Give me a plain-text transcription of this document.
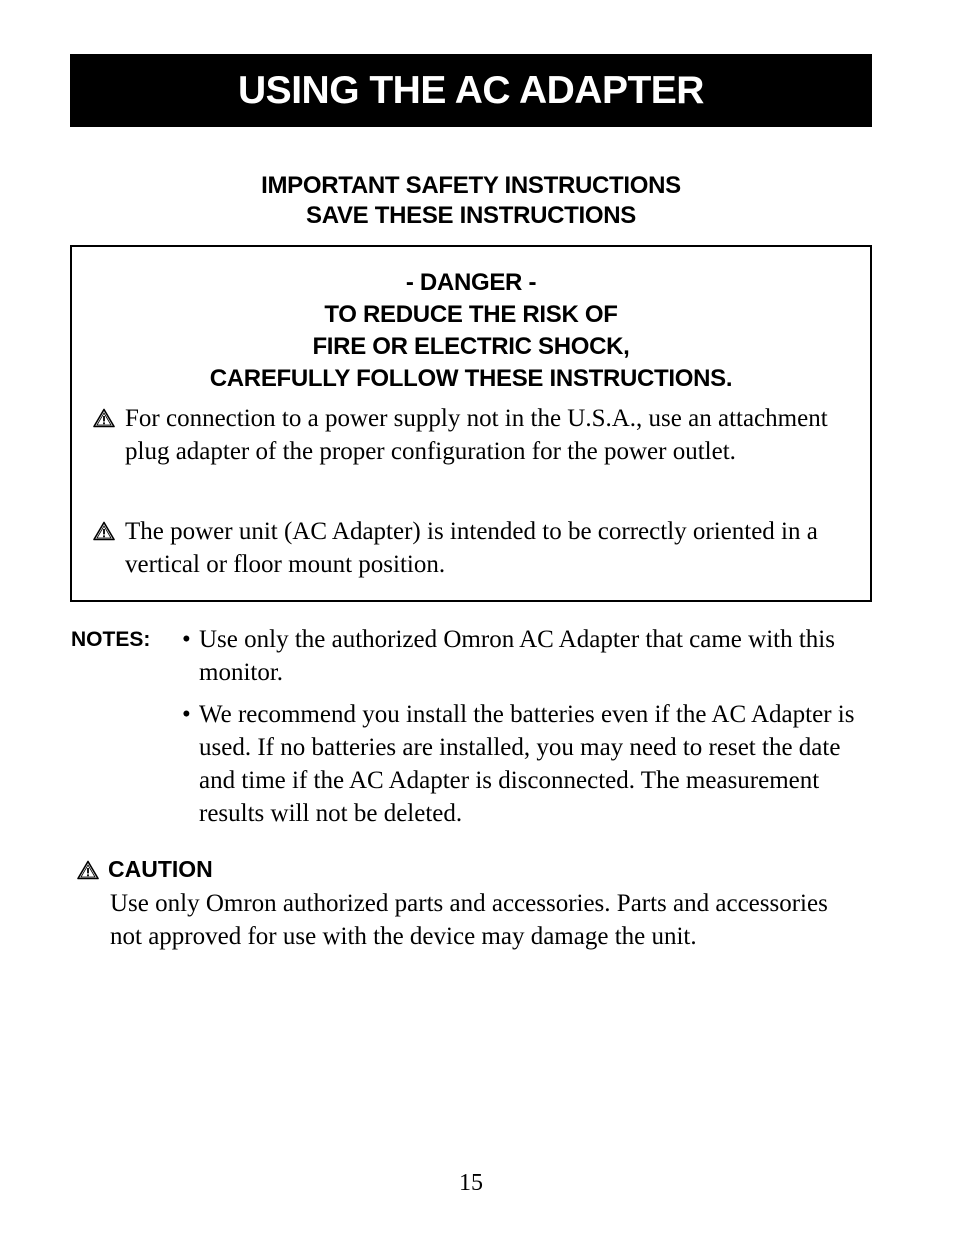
USING THE AC ADAPTER
IMPORTANT SAFETY INSTRUCTIONS
SAVE THESE INSTRUCTIONS
- DANGER -
TO REDUCE THE RISK OF
FIRE OR ELECTRIC SHOCK,
CAREFULLY FOLLOW THESE INSTRUCTIONS.
For connection to a power supply not in the U.S.A., use an attachment plug adapter of the proper configuration for the power outlet.
The power unit (AC Adapter) is intended to be correctly oriented in a vertical or floor mount position.
NOTES: • Use only the authorized Omron AC Adapter that came with this monitor.
• We recommend you install the batteries even if the AC Adapter is used. If no batteries are installed, you may need to reset the date and time if the AC Adapter is disconnected. The measurement results will not be deleted.
CAUTION
Use only Omron authorized parts and accessories. Parts and accessories not approved for use with the device may damage the unit.
15
